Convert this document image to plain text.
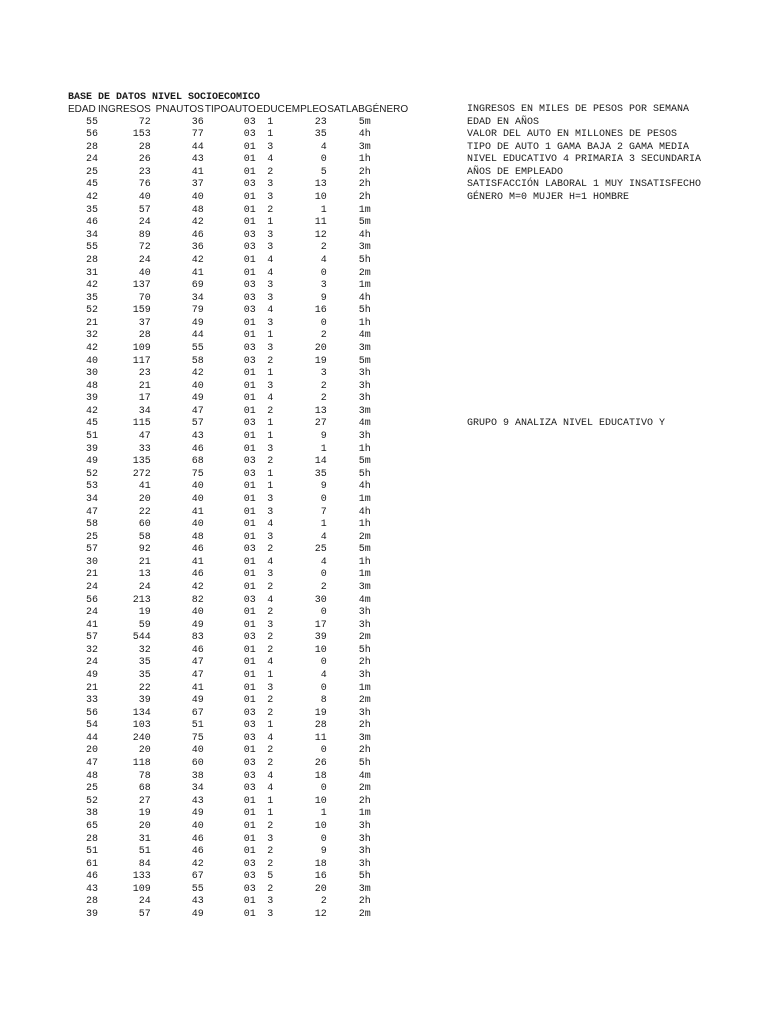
BASE DE DATOS NIVEL SOCIOECOMICO
EDAD	INGRESOS	PNAUTOS	TIPOAUTO	EDUC	EMPLEO	SATLAB	GÉNERO
55	72	36	03	1	23	5	m
56	153	77	03	1	35	4	h
28	28	44	01	3	4	3	m
24	26	43	01	4	0	1	h
25	23	41	01	2	5	2	h
45	76	37	03	3	13	2	h
42	40	40	01	3	10	2	h
35	57	48	01	2	1	1	m
46	24	42	01	1	11	5	m
34	89	46	03	3	12	4	h
55	72	36	03	3	2	3	m
28	24	42	01	4	4	5	h
31	40	41	01	4	0	2	m
42	137	69	03	3	3	1	m
35	70	34	03	3	9	4	h
52	159	79	03	4	16	5	h
21	37	49	01	3	0	1	h
32	28	44	01	1	2	4	m
42	109	55	03	3	20	3	m
40	117	58	03	2	19	5	m
30	23	42	01	1	3	3	h
48	21	40	01	3	2	3	h
39	17	49	01	4	2	3	h
42	34	47	01	2	13	3	m
45	115	57	03	1	27	4	m
51	47	43	01	1	9	3	h
39	33	46	01	3	1	1	h
49	135	68	03	2	14	5	m
52	272	75	03	1	35	5	h
53	41	40	01	1	9	4	h
34	20	40	01	3	0	1	m
47	22	41	01	3	7	4	h
58	60	40	01	4	1	1	h
25	58	48	01	3	4	2	m
57	92	46	03	2	25	5	m
30	21	41	01	4	4	1	h
21	13	46	01	3	0	1	m
24	24	42	01	2	2	3	m
56	213	82	03	4	30	4	m
24	19	40	01	2	0	3	h
41	59	49	01	3	17	3	h
57	544	83	03	2	39	2	m
32	32	46	01	2	10	5	h
24	35	47	01	4	0	2	h
49	35	47	01	1	4	3	h
21	22	41	01	3	0	1	m
33	39	49	01	2	8	2	m
56	134	67	03	2	19	3	h
54	103	51	03	1	28	2	h
44	240	75	03	4	11	3	m
20	20	40	01	2	0	2	h
47	118	60	03	2	26	5	h
48	78	38	03	4	18	4	m
25	68	34	03	4	0	2	m
52	27	43	01	1	10	2	h
38	19	49	01	1	1	1	m
65	20	40	01	2	10	3	h
28	31	46	01	3	0	3	h
51	51	46	01	2	9	3	h
61	84	42	03	2	18	3	h
46	133	67	03	5	16	5	h
43	109	55	03	2	20	3	m
28	24	43	01	3	2	2	h
39	57	49	01	3	12	2	m
INGRESOS EN MILES DE PESOS POR SEMANA
EDAD EN AÑOS
VALOR DEL AUTO EN MILLONES DE PESOS
TIPO DE AUTO 1 GAMA BAJA 2 GAMA MEDIA
NIVEL EDUCATIVO 4 PRIMARIA 3 SECUNDARIA
AÑOS DE EMPLEADO
SATISFACCIÓN LABORAL 1 MUY INSATISFECHO
GÉNERO M=0 MUJER H=1 HOMBRE
GRUPO 9 ANALIZA NIVEL EDUCATIVO Y
